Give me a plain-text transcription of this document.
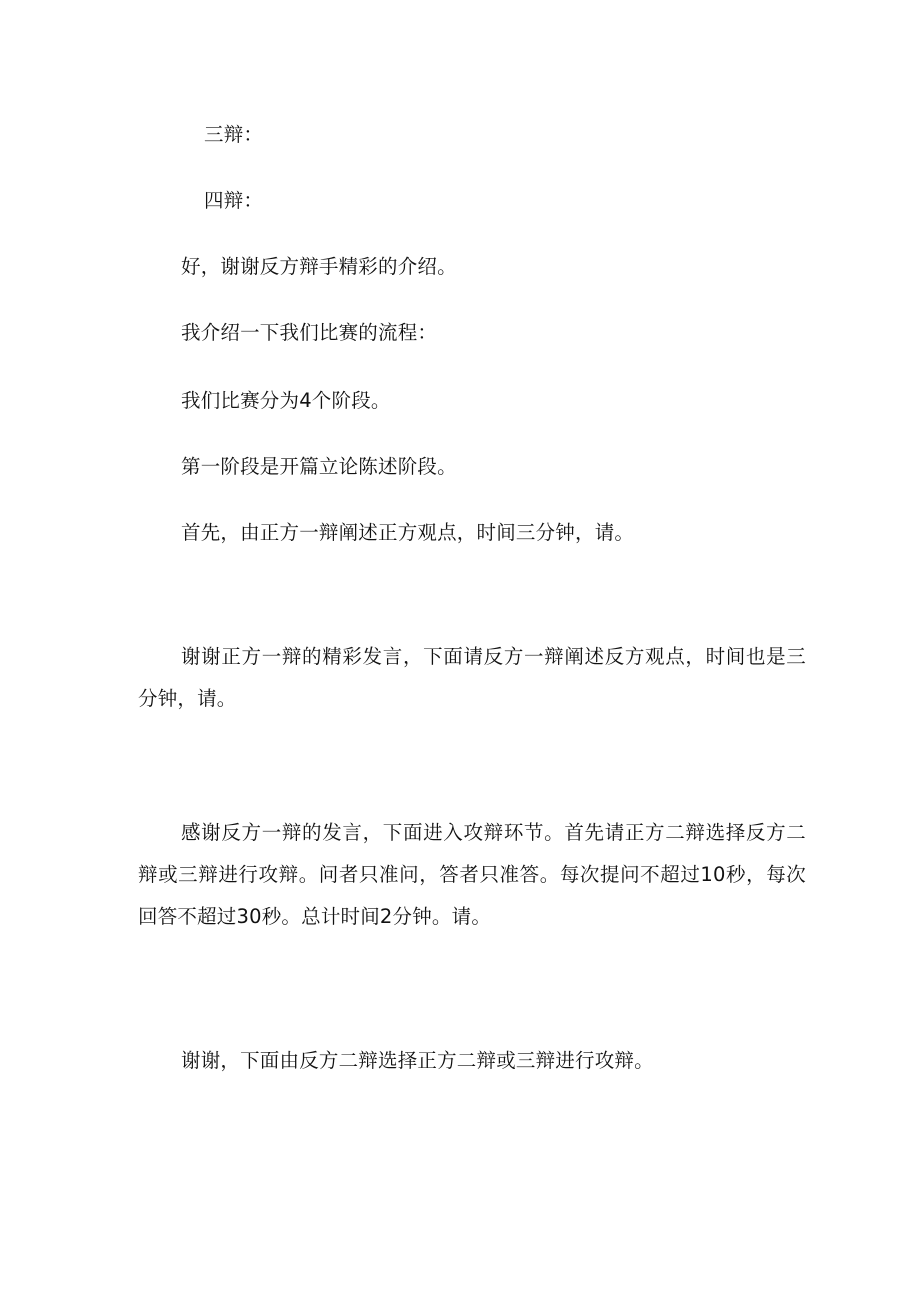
三辩：
四辩：
好，谢谢反方辩手精彩的介绍。
我介绍一下我们比赛的流程：
我们比赛分为4个阶段。
第一阶段是开篇立论陈述阶段。
首先，由正方一辩阐述正方观点，时间三分钟，请。
谢谢正方一辩的精彩发言，下面请反方一辩阐述反方观点，时间也是三分钟，请。
感谢反方一辩的发言，下面进入攻辩环节。首先请正方二辩选择反方二辩或三辩进行攻辩。问者只准问，答者只准答。每次提问不超过10秒，每次回答不超过30秒。总计时间2分钟。请。
谢谢，下面由反方二辩选择正方二辩或三辩进行攻辩。
